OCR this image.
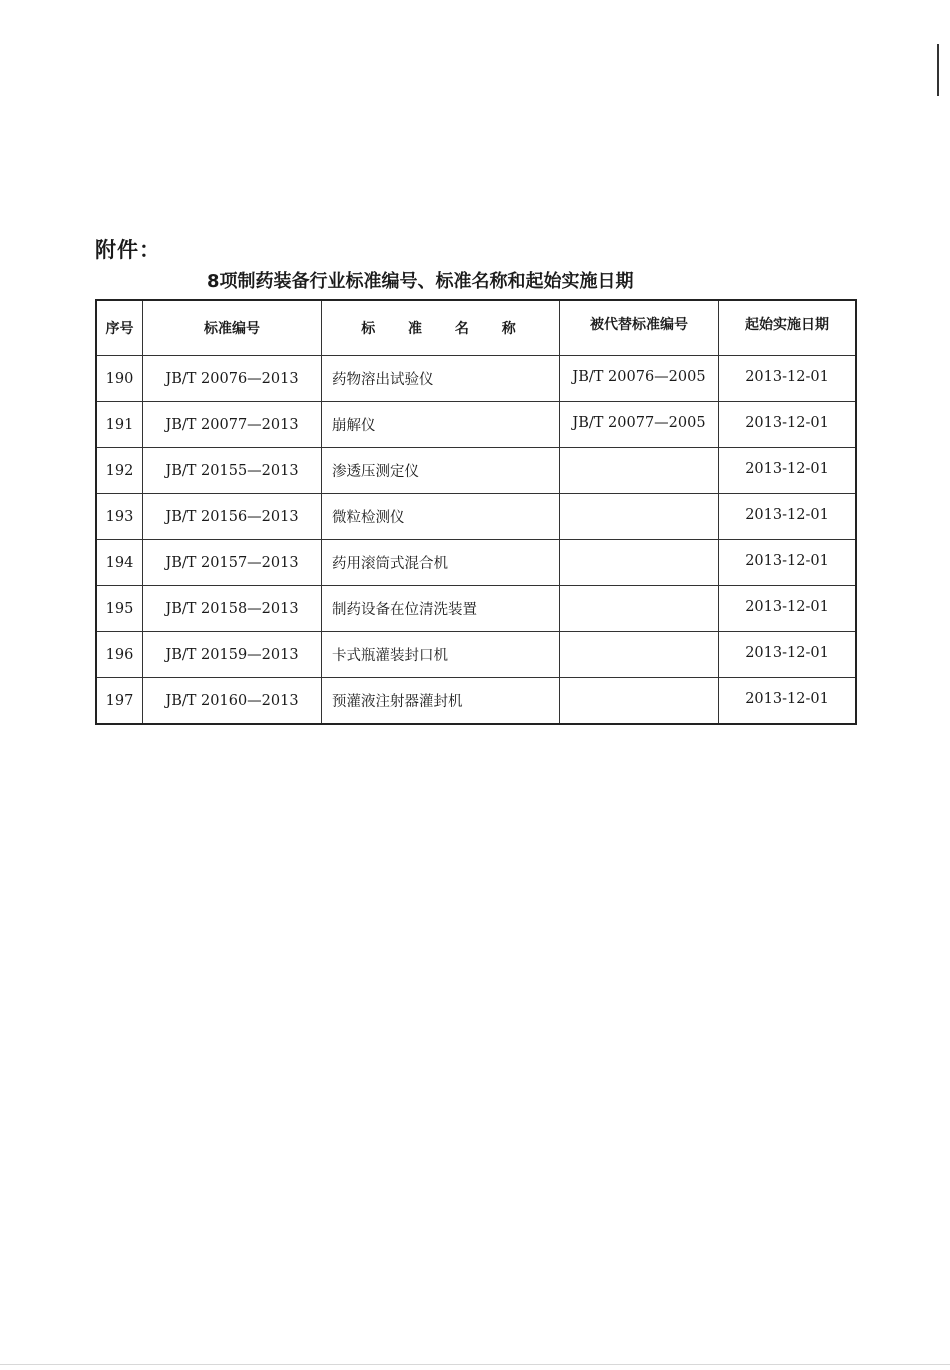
附件：
8项制药装备行业标准编号、标准名称和起始实施日期
序号	标准编号	标 准 名 称	被代替标准编号	起始实施日期
190	JB/T 20076—2013	药物溶出试验仪	JB/T 20076—2005	2013-12-01
191	JB/T 20077—2013	崩解仪	JB/T 20077—2005	2013-12-01
192	JB/T 20155—2013	渗透压测定仪		2013-12-01
193	JB/T 20156—2013	微粒检测仪		2013-12-01
194	JB/T 20157—2013	药用滚筒式混合机		2013-12-01
195	JB/T 20158—2013	制药设备在位清洗装置		2013-12-01
196	JB/T 20159—2013	卡式瓶灌装封口机		2013-12-01
197	JB/T 20160—2013	预灌液注射器灌封机		2013-12-01
